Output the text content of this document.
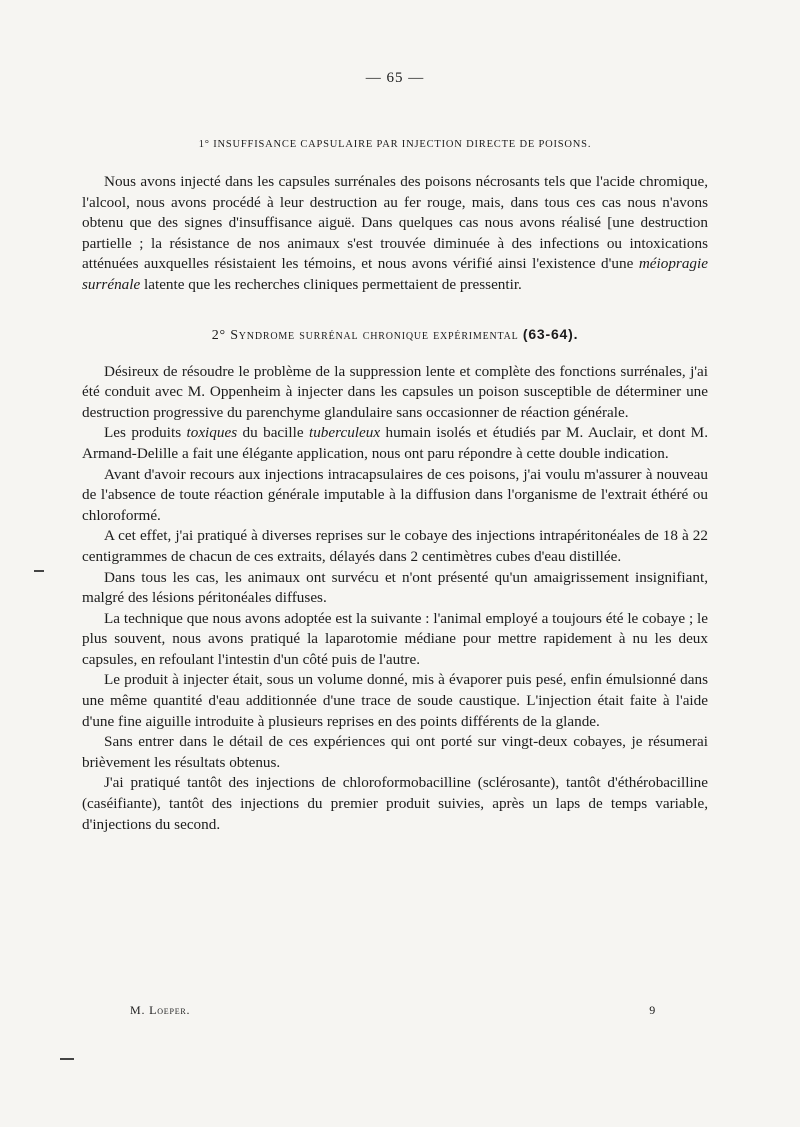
— 65 —
1° INSUFFISANCE CAPSULAIRE PAR INJECTION DIRECTE DE POISONS.

Nous avons injecté dans les capsules surrénales des poisons nécrosants tels que l'acide chromique, l'alcool, nous avons procédé à leur destruction au fer rouge, mais, dans tous ces cas nous n'avons obtenu que des signes d'insuffisance aiguë. Dans quelques cas nous avons réalisé [une destruction partielle ; la résistance de nos animaux s'est trouvée diminuée à des infections ou intoxications atténuées auxquelles résistaient les témoins, et nous avons vérifié ainsi l'existence d'une méiopragie surrénale latente que les recherches cliniques permettaient de pressentir.

2° Syndrome surrénal chronique expérimental (63-64).

Désireux de résoudre le problème de la suppression lente et complète des fonctions surrénales, j'ai été conduit avec M. Oppenheim à injecter dans les capsules un poison susceptible de déterminer une destruction progressive du parenchyme glandulaire sans occasionner de réaction générale.

Les produits toxiques du bacille tuberculeux humain isolés et étudiés par M. Auclair, et dont M. Armand-Delille a fait une élégante application, nous ont paru répondre à cette double indication.

Avant d'avoir recours aux injections intracapsulaires de ces poisons, j'ai voulu m'assurer à nouveau de l'absence de toute réaction générale imputable à la diffusion dans l'organisme de l'extrait éthéré ou chloroformé.

A cet effet, j'ai pratiqué à diverses reprises sur le cobaye des injections intrapéritonéales de 18 à 22 centigrammes de chacun de ces extraits, délayés dans 2 centimètres cubes d'eau distillée.

Dans tous les cas, les animaux ont survécu et n'ont présenté qu'un amaigrissement insignifiant, malgré des lésions péritonéales diffuses.

La technique que nous avons adoptée est la suivante : l'animal employé a toujours été le cobaye ; le plus souvent, nous avons pratiqué la laparotomie médiane pour mettre rapidement à nu les deux capsules, en refoulant l'intestin d'un côté puis de l'autre.

Le produit à injecter était, sous un volume donné, mis à évaporer puis pesé, enfin émulsionné dans une même quantité d'eau additionnée d'une trace de soude caustique. L'injection était faite à l'aide d'une fine aiguille introduite à plusieurs reprises en des points différents de la glande.

Sans entrer dans le détail de ces expériences qui ont porté sur vingt-deux cobayes, je résumerai brièvement les résultats obtenus.

J'ai pratiqué tantôt des injections de chloroformobacilline (sclérosante), tantôt d'éthérobacilline (caséifiante), tantôt des injections du premier produit suivies, après un laps de temps variable, d'injections du second.

M. Loeper.	9
